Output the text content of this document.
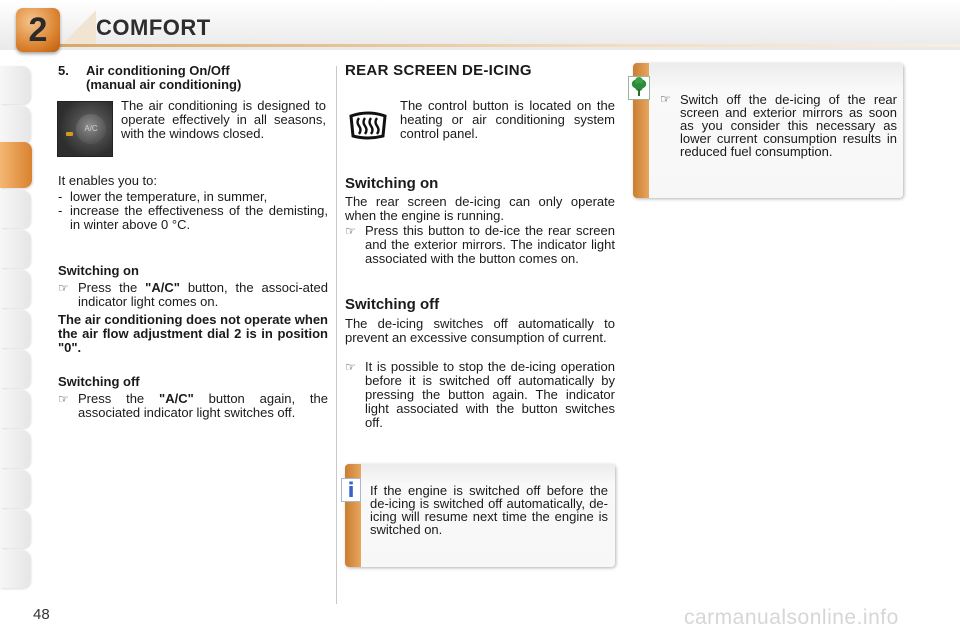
2	COMFORT
5. Air conditioning On/Off
(manual air conditioning)
A/C
The air conditioning is designed to operate effectively in all seasons, with the windows closed.
It enables you to:
- lower the temperature, in summer,
- increase the effectiveness of the demisting, in winter above 0 °C.
Switching on
☞ Press the "A/C" button, the associ-ated indicator light comes on.
The air conditioning does not operate when the air flow adjustment dial 2 is in position "0".
Switching off
☞ Press the "A/C" button again, the associated indicator light switches off.
REAR SCREEN DE-ICING
The control button is located on the heating or air conditioning system control panel.
Switching on
The rear screen de-icing can only operate when the engine is running.
☞ Press this button to de-ice the rear screen and the exterior mirrors. The indicator light associated with the button comes on.
Switching off
The de-icing switches off automatically to prevent an excessive consumption of current.
☞ It is possible to stop the de-icing operation before it is switched off automatically by pressing the button again. The indicator light associated with the button switches off.
i	If the engine is switched off before the de-icing is switched off automatically, de-icing will resume next time the engine is switched on.
☞ Switch off the de-icing of the rear screen and exterior mirrors as soon as you consider this necessary as lower current consumption results in reduced fuel consumption.
48	carmanualsonline.info
